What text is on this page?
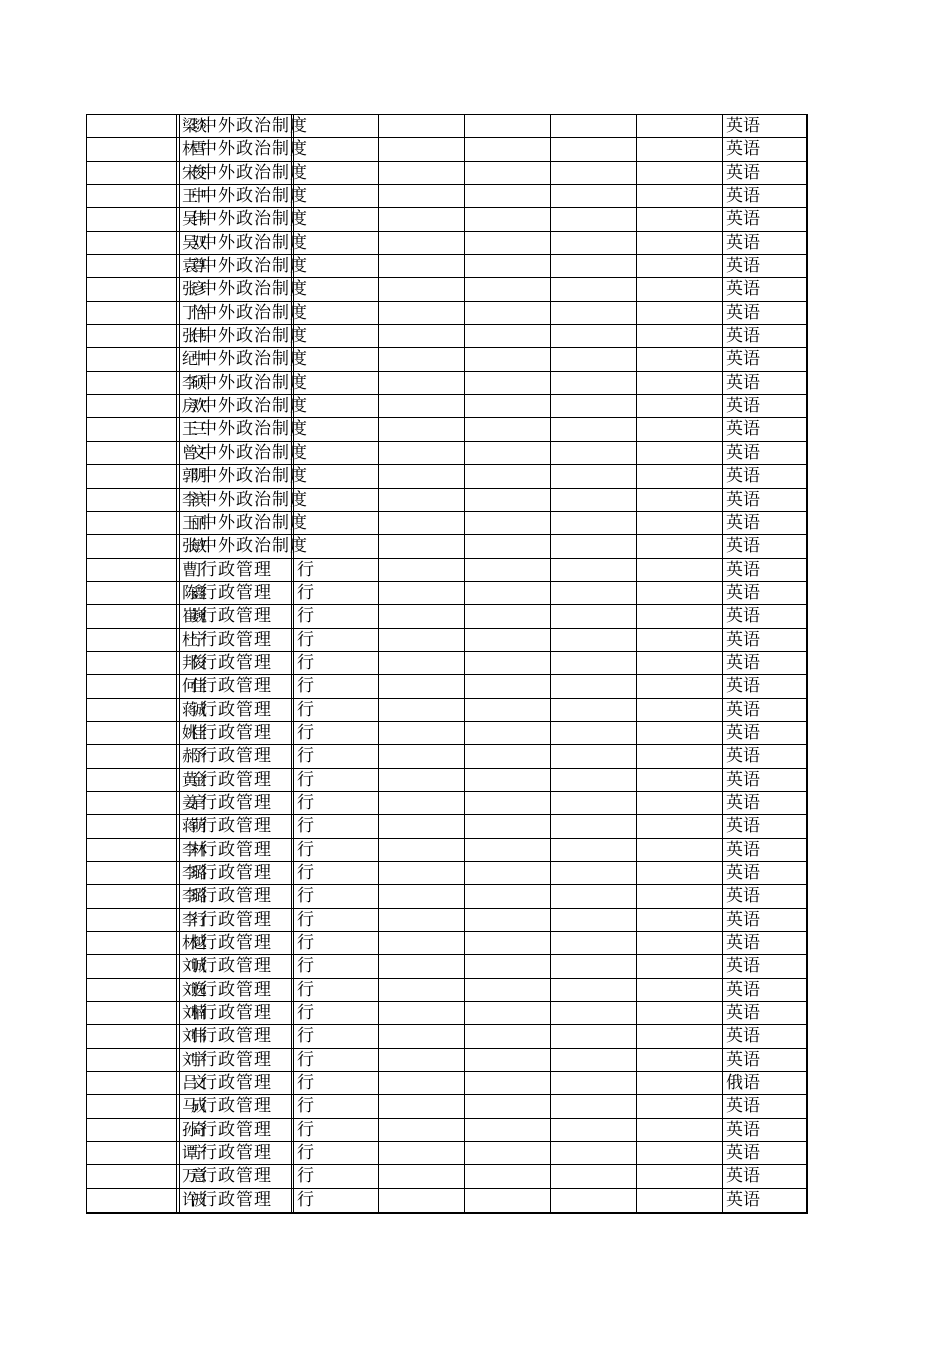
梁琰 中外政治制度	英语
林雪 中外政治制度	英语
宋俊 中外政治制度	英语
王中 中外政治制度	英语
吴伟 中外政治制度	英语
吴双 中外政治制度	英语
袁尊 中外政治制度	英语
张彦 中外政治制度	英语
丁怡 中外政治制度	英语
张伟 中外政治制度	英语
纪中 中外政治制度	英语
李硕 中外政治制度	英语
房欢 中外政治制度	英语
王三 中外政治制度	英语
曾文 中外政治制度	英语
郭明 中外政治制度	英语
李滨 中外政治制度	英语
王丽 中外政治制度	英语
张敏 中外政治制度	英语
曹丁 行政管理 行	英语
陈鑫 行政管理 行	英语
崔巍 行政管理 行	英语
杜宁 行政管理 行	英语
邦俊 行政管理 行	英语
何佳 行政管理 行	英语
蒋诚 行政管理 行	英语
姚佳 行政管理 行	英语
郝予 行政管理 行	英语
黄金 行政管理 行	英语
姜肩 行政管理 行	英语
蒋萌 行政管理 行	英语
李林 行政管理 行	英语
李璐 行政管理 行	英语
李璐 行政管理 行	英语
李行 行政管理 行	英语
林越 行政管理 行	英语
刘诚 行政管理 行	英语
刘逸 行政管理 行	英语
刘楠 行政管理 行	英语
刘伟 行政管理 行	英语
刘宇 行政管理 行	英语
吕文 行政管理 行	俄语
马成 行政管理 行	英语
孙奇 行政管理 行	英语
谭宁 行政管理 行	英语
万意 行政管理 行	英语
许波 行政管理 行	英语
